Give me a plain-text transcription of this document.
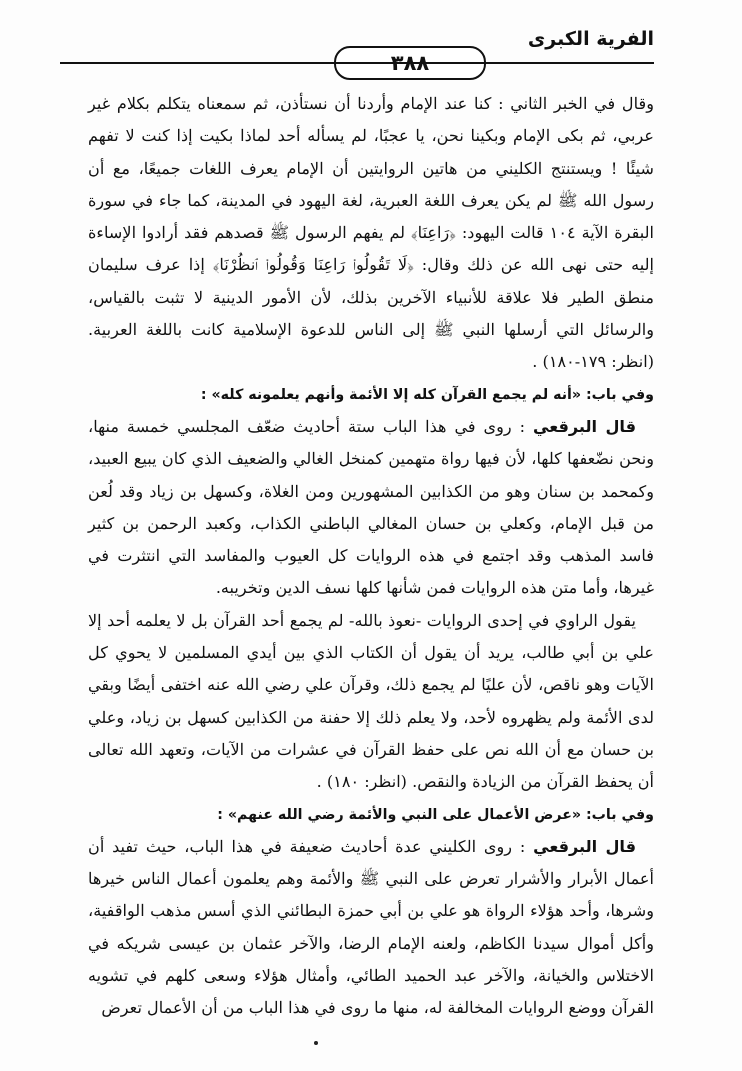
الفرية الكبرى
٣٨٨

وقال في الخبر الثاني : كنا عند الإمام وأردنا أن نستأذن، ثم سمعناه يتكلم بكلام غير عربي، ثم بكى الإمام وبكينا نحن، يا عجبًا، لم يسأله أحد لماذا بكيت إذا كنت لا تفهم شيئًا ! ويستنتج الكليني من هاتين الروايتين أن الإمام يعرف اللغات جميعًا، مع أن رسول الله ﷺ لم يكن يعرف اللغة العبرية، لغة اليهود في المدينة، كما جاء في سورة البقرة الآية ١٠٤ قالت اليهود: ﴿رَاعِنَا﴾ لم يفهم الرسول ﷺ قصدهم فقد أرادوا الإساءة إليه حتى نهى الله عن ذلك وقال: ﴿لَا تَقُولُوا۟ رَاعِنَا وَقُولُوا۟ ٱنظُرْنَا﴾ إذا عرف سليمان منطق الطير فلا علاقة للأنبياء الآخرين بذلك، لأن الأمور الدينية لا تثبت بالقياس، والرسائل التي أرسلها النبي ﷺ إلى الناس للدعوة الإسلامية كانت باللغة العربية. (انظر: ١٧٩-١٨٠) .

وفي باب: «أنه لم يجمع القرآن كله إلا الأئمة وأنهم يعلمونه كله» :

قال البرقعي : روى في هذا الباب ستة أحاديث ضعّف المجلسي خمسة منها، ونحن نضّعفها كلها، لأن فيها رواة متهمين كمنخل الغالي والضعيف الذي كان يبيع العبيد، وكمحمد بن سنان وهو من الكذابين المشهورين ومن الغلاة، وكسهل بن زياد وقد لُعن من قبل الإمام، وكعلي بن حسان المغالي الباطني الكذاب، وكعبد الرحمن بن كثير فاسد المذهب وقد اجتمع في هذه الروايات كل العيوب والمفاسد التي انتثرت في غيرها، وأما متن هذه الروايات فمن شأنها كلها نسف الدين وتخريبه.

يقول الراوي في إحدى الروايات -نعوذ بالله- لم يجمع أحد القرآن بل لا يعلمه أحد إلا علي بن أبي طالب، يريد أن يقول أن الكتاب الذي بين أيدي المسلمين لا يحوي كل الآيات وهو ناقص، لأن عليًا لم يجمع ذلك، وقرآن علي رضي الله عنه اختفى أيضًا وبقي لدى الأئمة ولم يظهروه لأحد، ولا يعلم ذلك إلا حفنة من الكذابين كسهل بن زياد، وعلي بن حسان مع أن الله نص على حفظ القرآن في عشرات من الآيات، وتعهد الله تعالى أن يحفظ القرآن من الزيادة والنقص. (انظر: ١٨٠) .

وفي باب: «عرض الأعمال على النبي والأئمة رضي الله عنهم» :

قال البرقعي : روى الكليني عدة أحاديث ضعيفة في هذا الباب، حيث تفيد أن أعمال الأبرار والأشرار تعرض على النبي ﷺ والأئمة وهم يعلمون أعمال الناس خيرها وشرها، وأحد هؤلاء الرواة هو علي بن أبي حمزة البطائني الذي أسس مذهب الواقفية، وأكل أموال سيدنا الكاظم، ولعنه الإمام الرضا، والآخر عثمان بن عيسى شريكه في الاختلاس والخيانة، والآخر عبد الحميد الطائي، وأمثال هؤلاء وسعى كلهم في تشويه القرآن ووضع الروايات المخالفة له، منها ما روى في هذا الباب من أن الأعمال تعرض
